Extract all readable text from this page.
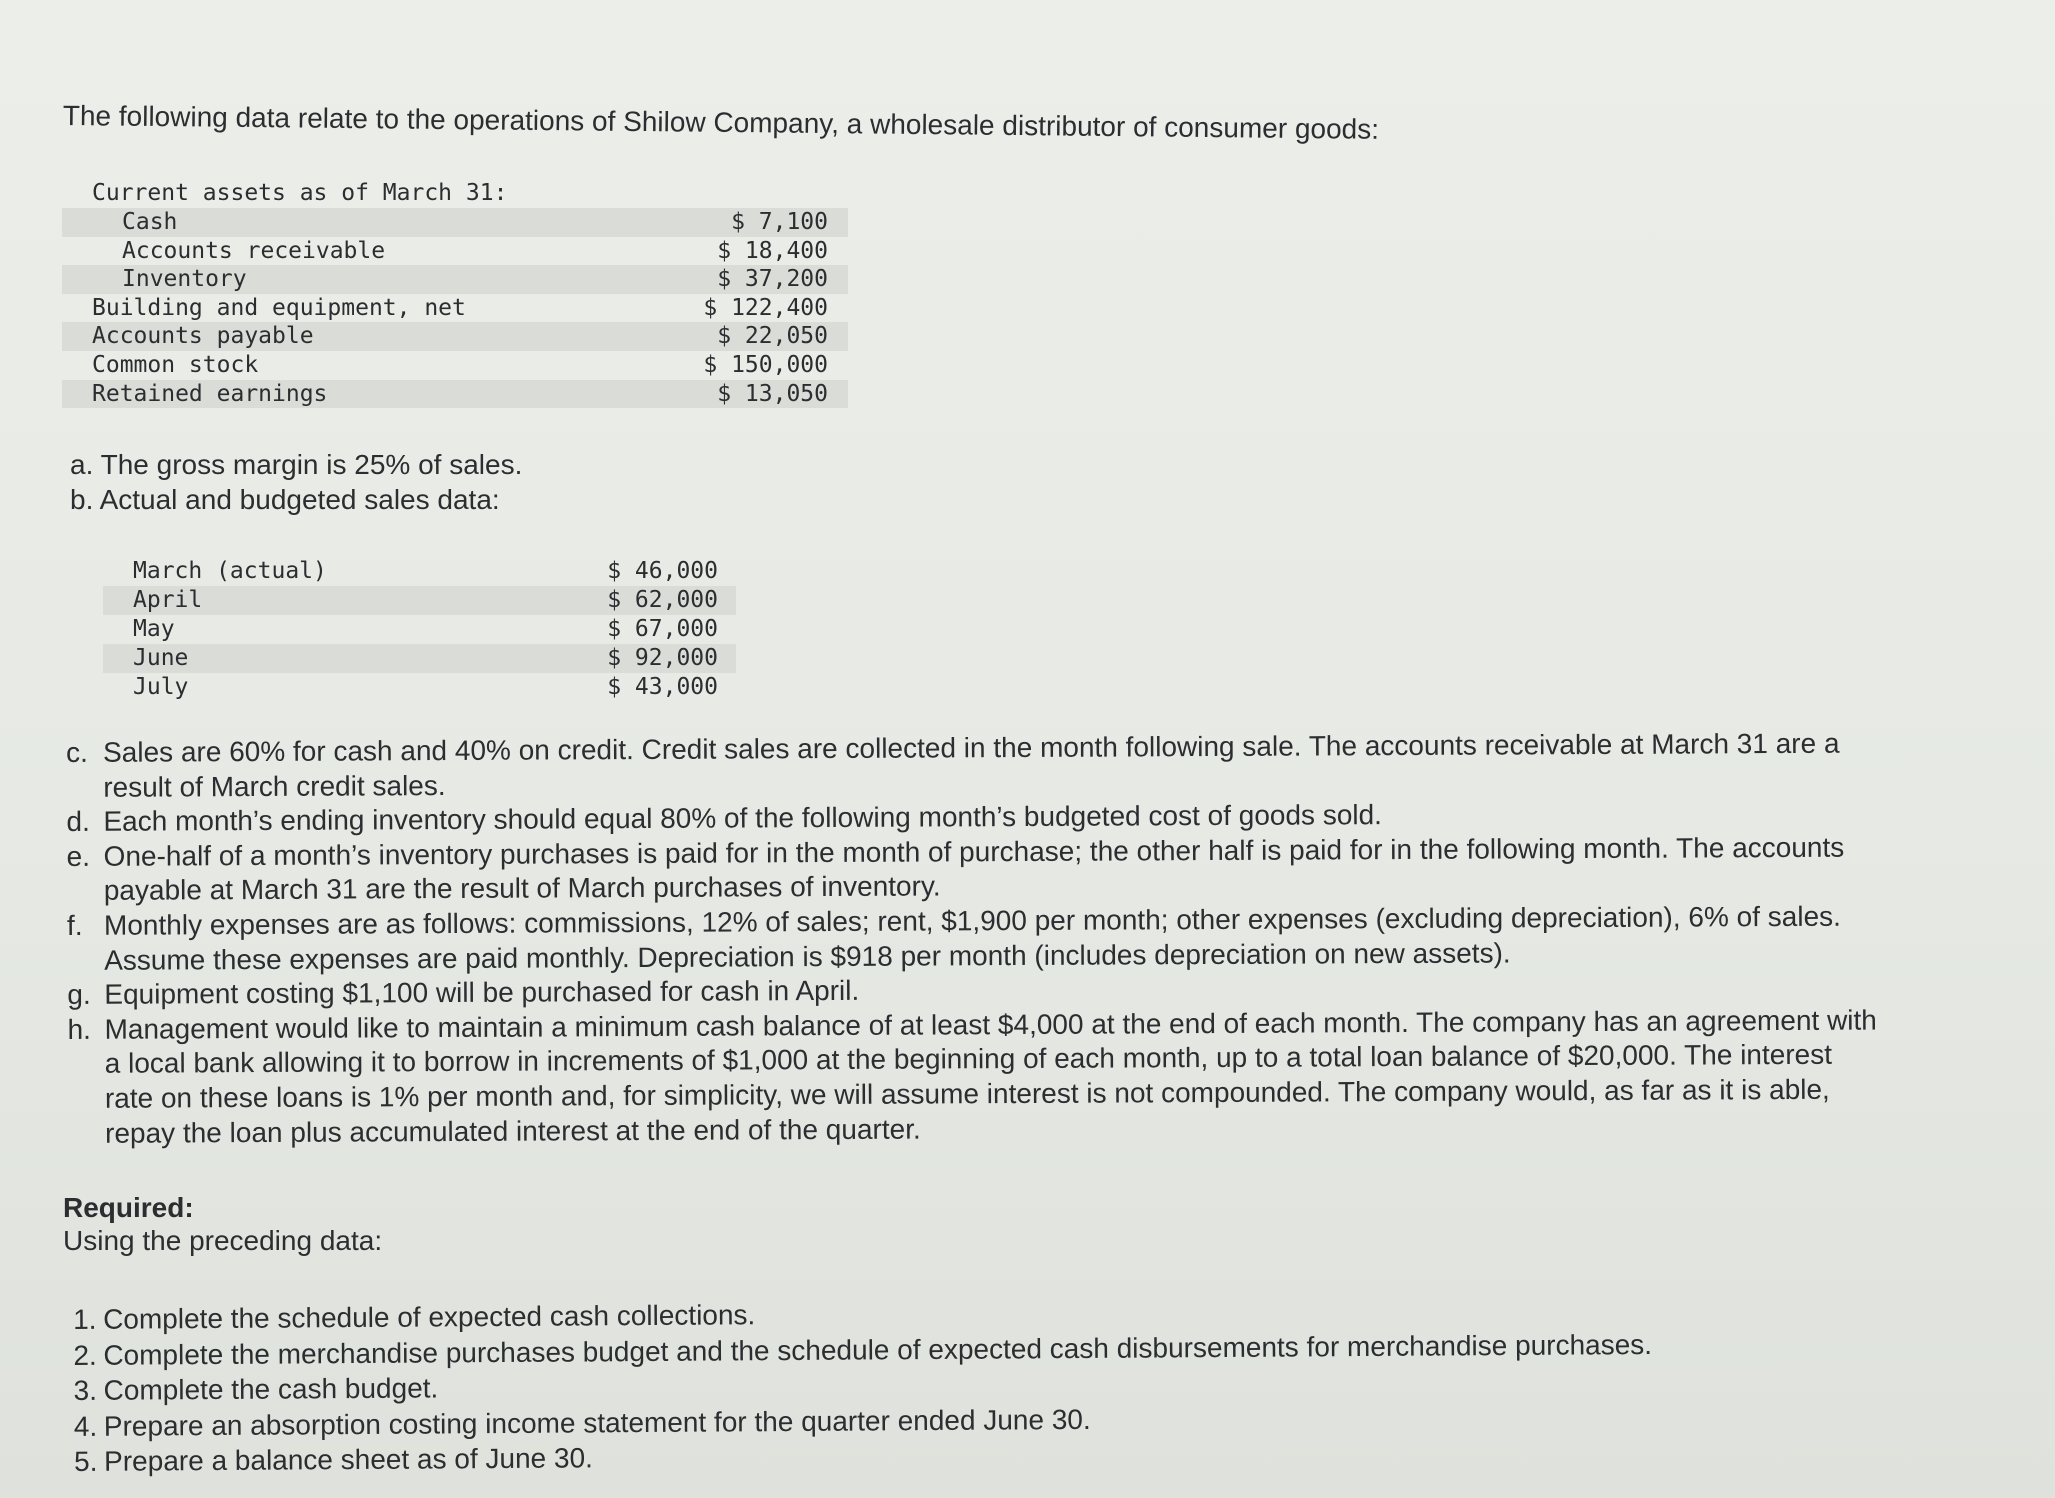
The following data relate to the operations of Shilow Company, a wholesale distributor of consumer goods:
Current assets as of March 31:
Cash	$ 7,100
Accounts receivable	$ 18,400
Inventory	$ 37,200
Building and equipment, net	$ 122,400
Accounts payable	$ 22,050
Common stock	$ 150,000
Retained earnings	$ 13,050
a. The gross margin is 25% of sales.
b. Actual and budgeted sales data:
March (actual)	$ 46,000
April	$ 62,000
May	$ 67,000
June	$ 92,000
July	$ 43,000
c. Sales are 60% for cash and 40% on credit. Credit sales are collected in the month following sale. The accounts receivable at March 31 are a result of March credit sales.
d. Each month’s ending inventory should equal 80% of the following month’s budgeted cost of goods sold.
e. One-half of a month’s inventory purchases is paid for in the month of purchase; the other half is paid for in the following month. The accounts payable at March 31 are the result of March purchases of inventory.
f. Monthly expenses are as follows: commissions, 12% of sales; rent, $1,900 per month; other expenses (excluding depreciation), 6% of sales. Assume these expenses are paid monthly. Depreciation is $918 per month (includes depreciation on new assets).
g. Equipment costing $1,100 will be purchased for cash in April.
h. Management would like to maintain a minimum cash balance of at least $4,000 at the end of each month. The company has an agreement with a local bank allowing it to borrow in increments of $1,000 at the beginning of each month, up to a total loan balance of $20,000. The interest rate on these loans is 1% per month and, for simplicity, we will assume interest is not compounded. The company would, as far as it is able, repay the loan plus accumulated interest at the end of the quarter.
Required:
Using the preceding data:
1. Complete the schedule of expected cash collections.
2. Complete the merchandise purchases budget and the schedule of expected cash disbursements for merchandise purchases.
3. Complete the cash budget.
4. Prepare an absorption costing income statement for the quarter ended June 30.
5. Prepare a balance sheet as of June 30.
